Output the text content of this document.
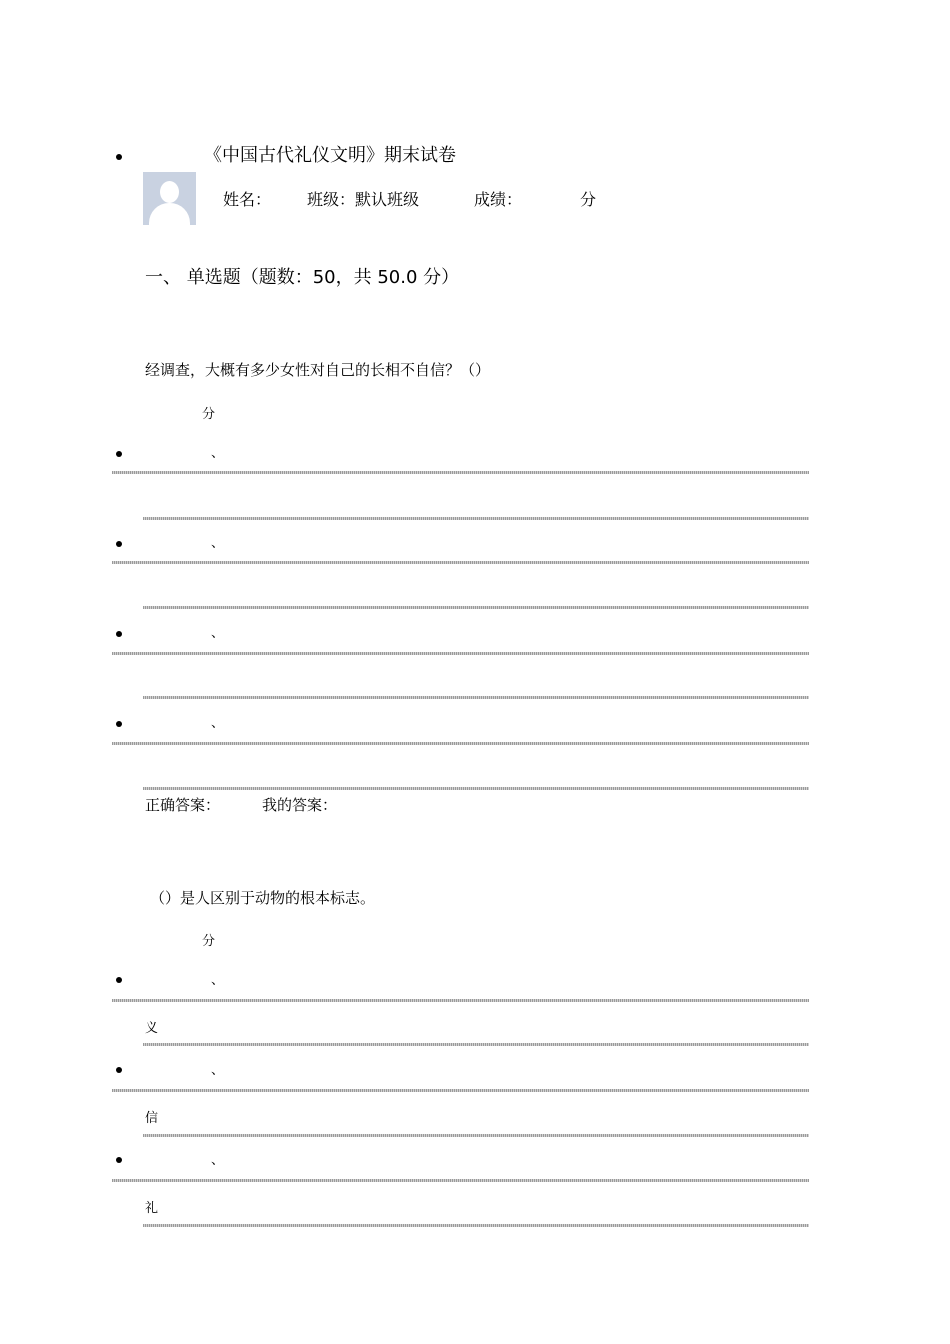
《中国古代礼仪文明》期末试卷
姓名： 班级：默认班级	成绩：	分
一、 单选题（题数：50，共 50.0 分）
经调查，大概有多少女性对自己的长相不自信？（）
分
、
、
、
、
正确答案：	我的答案：
（）是人区别于动物的根本标志。
分
、
义
、
信
、
礼
